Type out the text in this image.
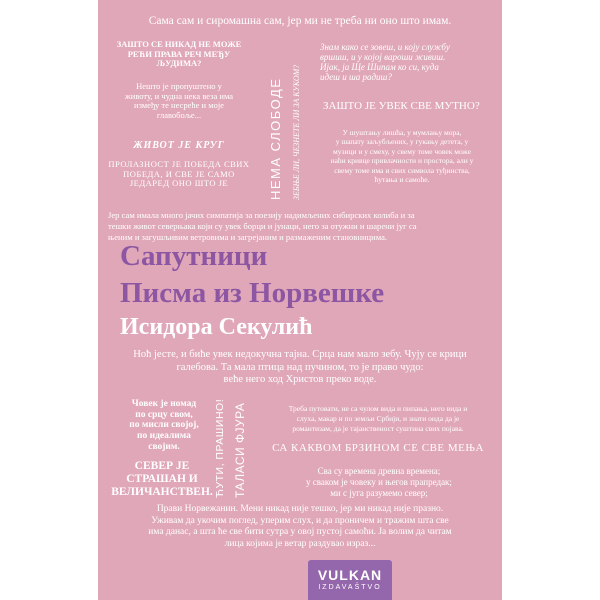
Сама сам и сиромашна сам, јер ми не треба ни оно што имам.
ЗАШТО СЕ НИКАД НЕ МОЖЕ
РЕЋИ ПРАВА РЕЧ МЕЂУ
ЉУДИМА?
Нешто је пропуштено у
животу, и чудна нека веза има
између те несреће и моје
главобоље...
ЖИВОТ ЈЕ КРУГ
ПРОЛАЗНОСТ ЈЕ ПОБЕДА СВИХ
ПОБЕДА, И СВЕ ЈЕ САМО
ЈЕДАРЕД ОНО ШТО ЈЕ	НЕМА СЛОБОДЕ ЗЕБЊЕ ЛИ, ЧЕЗНЕТЕ ЛИ ЗА КУКОМ?
Знам како се зовеш, и коју службу
вршиш, и у којој вароши живиш.
Ијак, ја Ще Шипам ко си, куда
идеш и ша радиш?
ЗАШТО ЈЕ УВЕК СВЕ МУТНО?
У шуштању лишћа, у мумлању мора,
у шапату заљубљених, у гукању детета, у
музици и у смеху, у свему томе човек може
наћи кривце привлачности и простора, али у
свему томе има и свих символа туђинства,
ћутања и самоће.
Јер сам имала много јачих симпатија за поезију надимљених сибирских колиба и за
тешки живот северњака који су увек борци и јунаци, него за отужни и шарени југ са
њеним и загушљивим ветровима и загрејаним и размаженим становницима.
Сапутници
Писма из Норвешке
Исидора Секулић
Ноћ јесте, и биће увек недокучна тајна. Срца нам мало зебу. Чују се крици
галебова. Та мала птица над пучином, то је право чудо:
веће него ход Христов преко воде.
Човек је номад
по срцу свом,
по мисли својој,
по идеалима
својим.
СЕВЕР ЈЕ
СТРАШАН И
ВЕЛИЧАНСТВЕН. ЋУТИ, ПРАШИНО! ТАЛАСИ ФЈУРА	Треба путовати, не са чулом вида и пипања, него вида и
слуха, макар и по земљи Србији, и знати онда да је
романтизам, да је тајанственост суштина свих појава.
СА КАКВОМ БРЗИНОМ СЕ СВЕ МЕЊА
Сва су времена древна времена;
у сваком је човеку и његов прапредак;
ми с југа разумемо север;
Прави Норвежанин. Мени никад није тешко, јер ми никад није празно.
Уживам да укочим поглед, уперим слух, и да проничем и тражим шта све
има данас, а шта ће све бити сутра у овој пустој самоћи. Ја волим да читам
лица којима је ветар раздувао израз...
VULKAN
IZDAVAŠTVO
